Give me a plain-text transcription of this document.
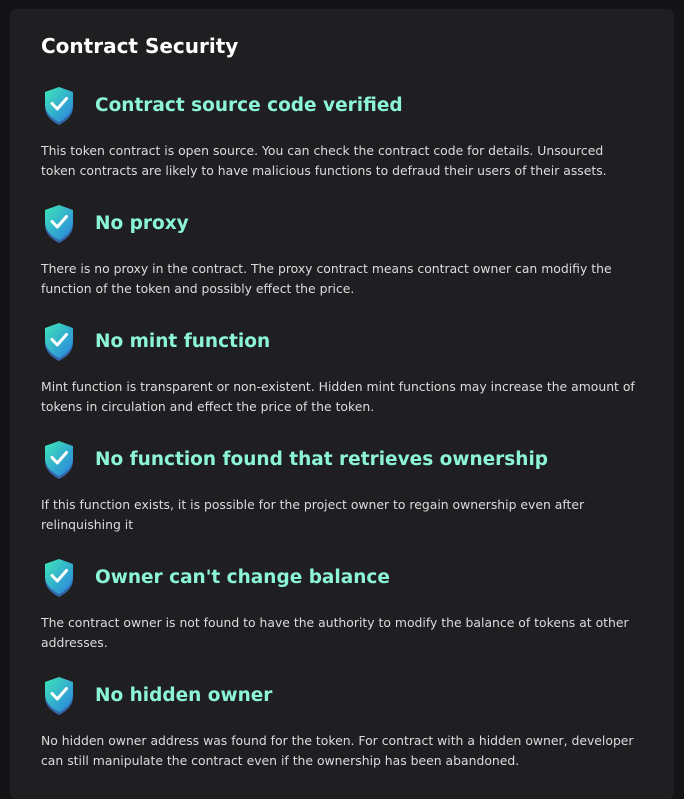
Contract Security
Contract source code verified

This token contract is open source. You can check the contract code for details. Unsourced token contracts are likely to have malicious functions to defraud their users of their assets.

No proxy

There is no proxy in the contract. The proxy contract means contract owner can modifiy the function of the token and possibly effect the price.

No mint function

Mint function is transparent or non-existent. Hidden mint functions may increase the amount of tokens in circulation and effect the price of the token.

No function found that retrieves ownership

If this function exists, it is possible for the project owner to regain ownership even after relinquishing it

Owner can't change balance

The contract owner is not found to have the authority to modify the balance of tokens at other addresses.

No hidden owner

No hidden owner address was found for the token. For contract with a hidden owner, developer can still manipulate the contract even if the ownership has been abandoned.
